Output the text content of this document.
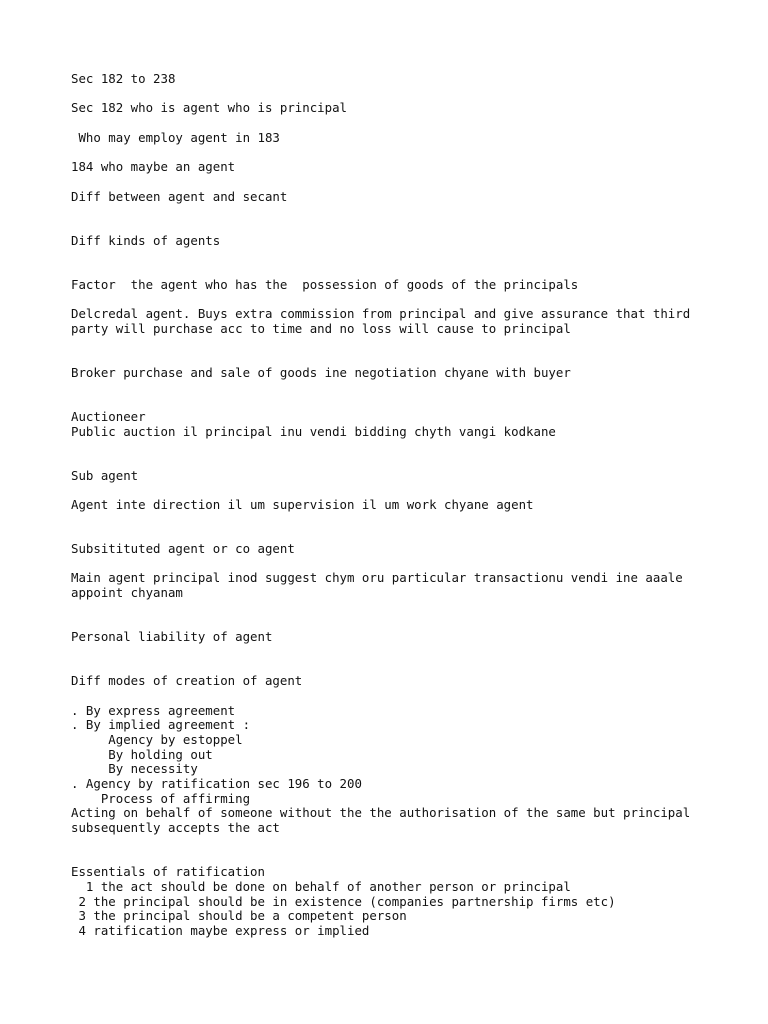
Sec 182 to 238
Sec 182 who is agent who is principal
Who may employ agent in 183
184 who maybe an agent
Diff between agent and secant
Diff kinds of agents
Factor  the agent who has the  possession of goods of the principals
Delcredal agent. Buys extra commission from principal and give assurance that third
party will purchase acc to time and no loss will cause to principal
Broker purchase and sale of goods ine negotiation chyane with buyer
Auctioneer
Public auction il principal inu vendi bidding chyth vangi kodkane
Sub agent
Agent inte direction il um supervision il um work chyane agent
Subsitituted agent or co agent
Main agent principal inod suggest chym oru particular transactionu vendi ine aaale
appoint chyanam
Personal liability of agent
Diff modes of creation of agent
. By express agreement
. By implied agreement :
Agency by estoppel
By holding out
By necessity
. Agency by ratification sec 196 to 200
Process of affirming
Acting on behalf of someone without the the authorisation of the same but principal
subsequently accepts the act
Essentials of ratification
1 the act should be done on behalf of another person or principal
2 the principal should be in existence (companies partnership firms etc)
3 the principal should be a competent person
4 ratification maybe express or implied
